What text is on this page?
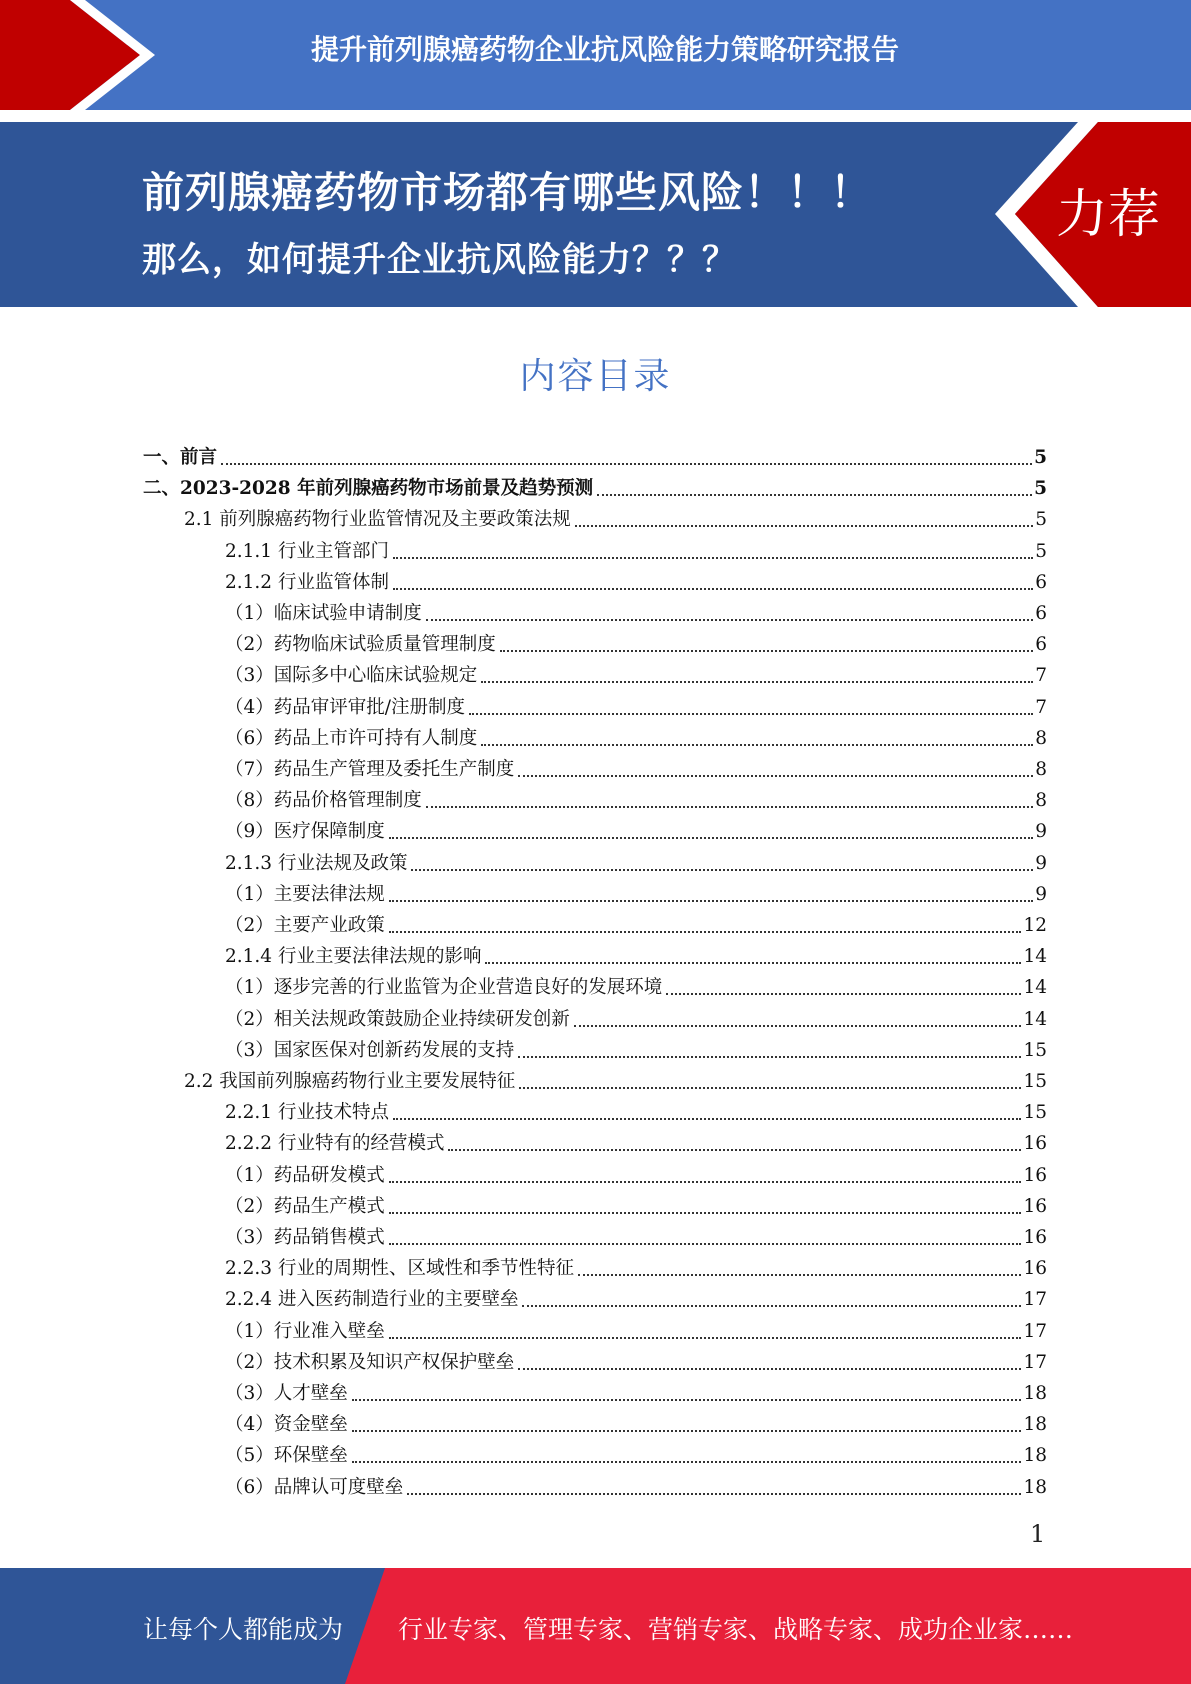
提升前列腺癌药物企业抗风险能力策略研究报告
前列腺癌药物市场都有哪些风险！！！
那么，如何提升企业抗风险能力？？？
力荐
内容目录
一、前言	5
二、2023-2028 年前列腺癌药物市场前景及趋势预测	5
2.1 前列腺癌药物行业监管情况及主要政策法规	5
2.1.1 行业主管部门	5
2.1.2 行业监管体制	6
（1）临床试验申请制度	6
（2）药物临床试验质量管理制度	6
（3）国际多中心临床试验规定	7
（4）药品审评审批/注册制度	7
（6）药品上市许可持有人制度	8
（7）药品生产管理及委托生产制度	8
（8）药品价格管理制度	8
（9）医疗保障制度	9
2.1.3 行业法规及政策	9
（1）主要法律法规	9
（2）主要产业政策	12
2.1.4 行业主要法律法规的影响	14
（1）逐步完善的行业监管为企业营造良好的发展环境	14
（2）相关法规政策鼓励企业持续研发创新	14
（3）国家医保对创新药发展的支持	15
2.2 我国前列腺癌药物行业主要发展特征	15
2.2.1 行业技术特点	15
2.2.2 行业特有的经营模式	16
（1）药品研发模式	16
（2）药品生产模式	16
（3）药品销售模式	16
2.2.3 行业的周期性、区域性和季节性特征	16
2.2.4 进入医药制造行业的主要壁垒	17
（1）行业准入壁垒	17
（2）技术积累及知识产权保护壁垒	17
（3）人才壁垒	18
（4）资金壁垒	18
（5）环保壁垒	18
（6）品牌认可度壁垒	18
1
让每个人都能成为 行业专家、管理专家、营销专家、战略专家、成功企业家……
